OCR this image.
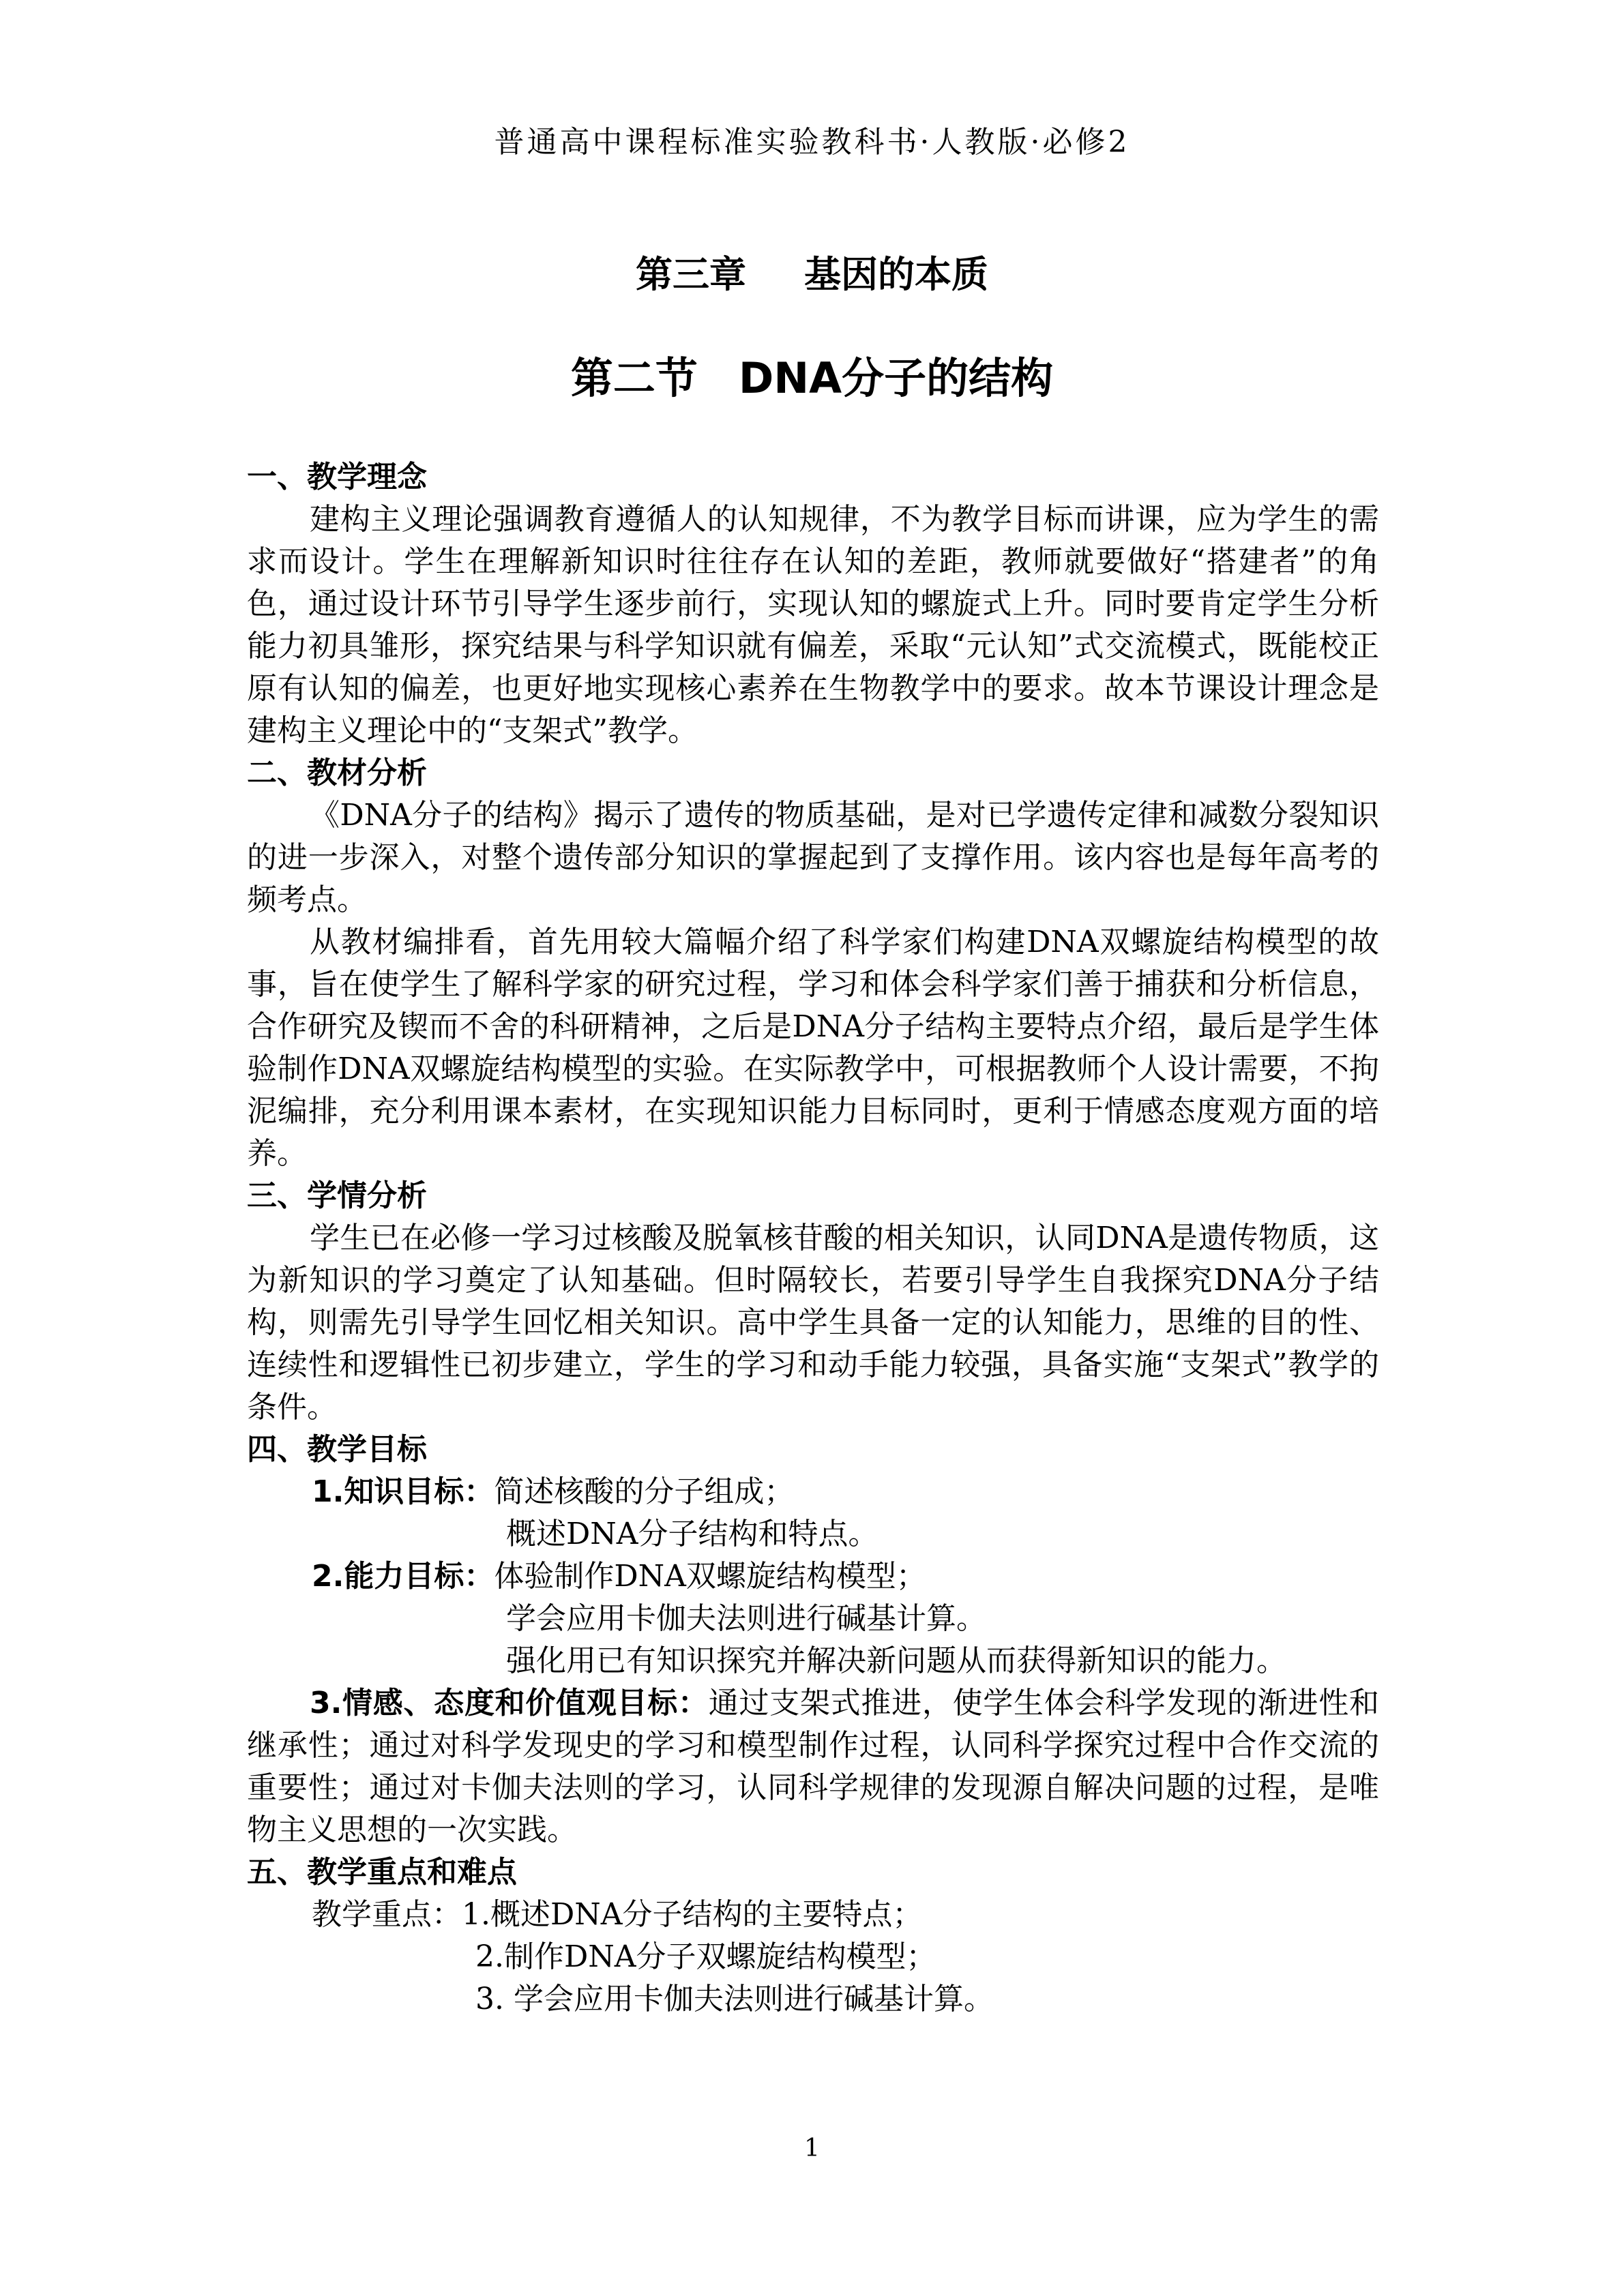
普通高中课程标准实验教科书·人教版·必修2
第三章 基因的本质
第二节 DNA分子的结构

一、教学理念

建构主义理论强调教育遵循人的认知规律，不为教学目标而讲课，应为学生的需求而设计。学生在理解新知识时往往存在认知的差距，教师就要做好“搭建者”的角色，通过设计环节引导学生逐步前行，实现认知的螺旋式上升。同时要肯定学生分析能力初具雏形，探究结果与科学知识就有偏差，采取“元认知”式交流模式，既能校正原有认知的偏差，也更好地实现核心素养在生物教学中的要求。故本节课设计理念是建构主义理论中的“支架式”教学。

二、教材分析

《DNA分子的结构》揭示了遗传的物质基础，是对已学遗传定律和减数分裂知识的进一步深入，对整个遗传部分知识的掌握起到了支撑作用。该内容也是每年高考的频考点。

从教材编排看，首先用较大篇幅介绍了科学家们构建DNA双螺旋结构模型的故事，旨在使学生了解科学家的研究过程，学习和体会科学家们善于捕获和分析信息，合作研究及锲而不舍的科研精神，之后是DNA分子结构主要特点介绍，最后是学生体验制作DNA双螺旋结构模型的实验。在实际教学中，可根据教师个人设计需要，不拘泥编排，充分利用课本素材，在实现知识能力目标同时，更利于情感态度观方面的培养。

三、学情分析

学生已在必修一学习过核酸及脱氧核苷酸的相关知识，认同DNA是遗传物质，这为新知识的学习奠定了认知基础。但时隔较长，若要引导学生自我探究DNA分子结构，则需先引导学生回忆相关知识。高中学生具备一定的认知能力，思维的目的性、连续性和逻辑性已初步建立，学生的学习和动手能力较强，具备实施“支架式”教学的条件。

四、教学目标

1.知识目标：简述核酸的分子组成；

概述DNA分子结构和特点。

2.能力目标：体验制作DNA双螺旋结构模型；

学会应用卡伽夫法则进行碱基计算。

强化用已有知识探究并解决新问题从而获得新知识的能力。

3.情感、态度和价值观目标：通过支架式推进，使学生体会科学发现的渐进性和继承性；通过对科学发现史的学习和模型制作过程，认同科学探究过程中合作交流的重要性；通过对卡伽夫法则的学习，认同科学规律的发现源自解决问题的过程，是唯物主义思想的一次实践。

五、教学重点和难点

教学重点：1.概述DNA分子结构的主要特点；

2.制作DNA分子双螺旋结构模型；

3. 学会应用卡伽夫法则进行碱基计算。

1
